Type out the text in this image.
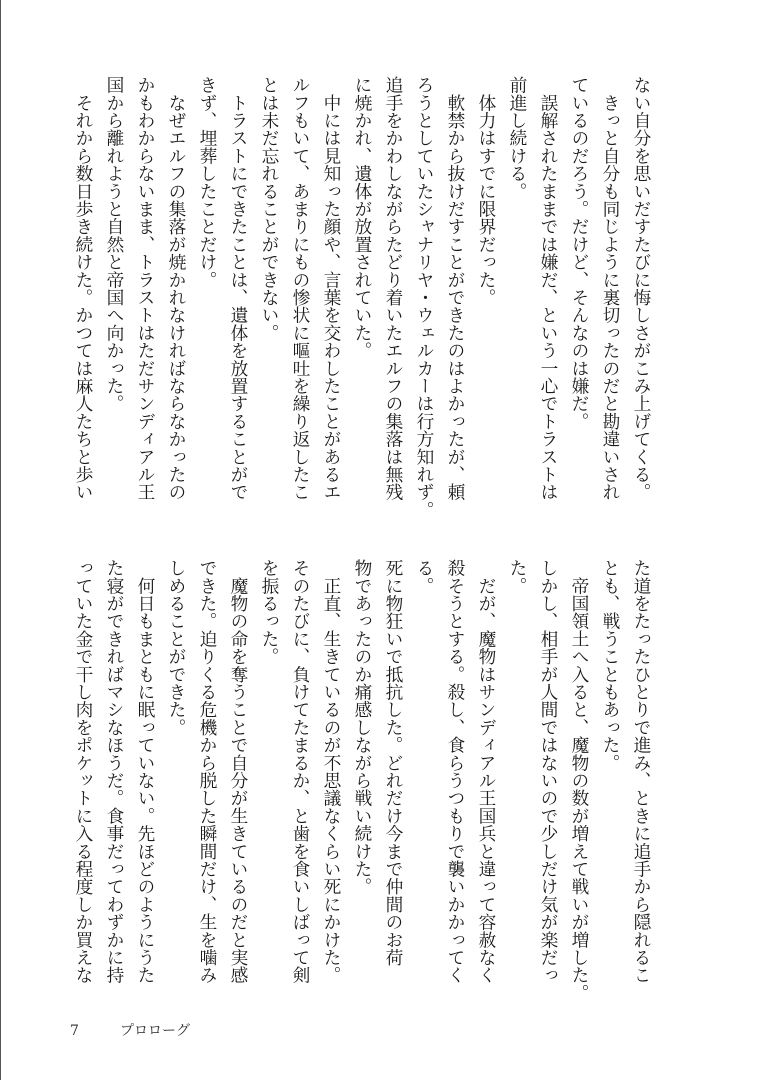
ない自分を思いだすたびに悔しさがこみ上げてくる。
　きっと自分も同じように裏切ったのだと勘違いされ
ているのだろう。だけど、そんなのは嫌だ。
　誤解されたままでは嫌だ、という一心でトラストは
前進し続ける。
　体力はすでに限界だった。
　軟禁から抜けだすことができたのはよかったが、頼
ろうとしていたシャナリヤ・ウェルカーは行方知れず。
追手をかわしながらたどり着いたエルフの集落は無残
に焼かれ、遺体が放置されていた。
　中には見知った顔や、言葉を交わしたことがあるエ
ルフもいて、あまりにもの惨状に嘔吐を繰り返したこ
とは未だ忘れることができない。
　トラストにできたことは、遺体を放置することがで
きず、埋葬したことだけ。
　なぜエルフの集落が焼かれなければならなかったの
かもわからないまま、トラストはただサンディアル王
国から離れようと自然と帝国へ向かった。
　それから数日歩き続けた。かつては麻人たちと歩い
た道をたったひとりで進み、ときに追手から隠れるこ
とも、戦うこともあった。
　帝国領土へ入ると、魔物の数が増えて戦いが増した。
しかし、相手が人間ではないので少しだけ気が楽だっ
た。
　だが、魔物はサンディアル王国兵と違って容赦なく
殺そうとする。殺し、食らうつもりで襲いかかってく
る。
死に物狂いで抵抗した。どれだけ今まで仲間のお荷
物であったのか痛感しながら戦い続けた。
　正直、生きているのが不思議なくらい死にかけた。
そのたびに、負けてたまるか、と歯を食いしばって剣
を振るった。
　魔物の命を奪うことで自分が生きているのだと実感
できた。迫りくる危機から脱した瞬間だけ、生を噛み
しめることができた。
　何日もまともに眠っていない。先ほどのようにうた
た寝ができればマシなほうだ。食事だってわずかに持
っていた金で干し肉をポケットに入る程度しか買えな
7	プロローグ
